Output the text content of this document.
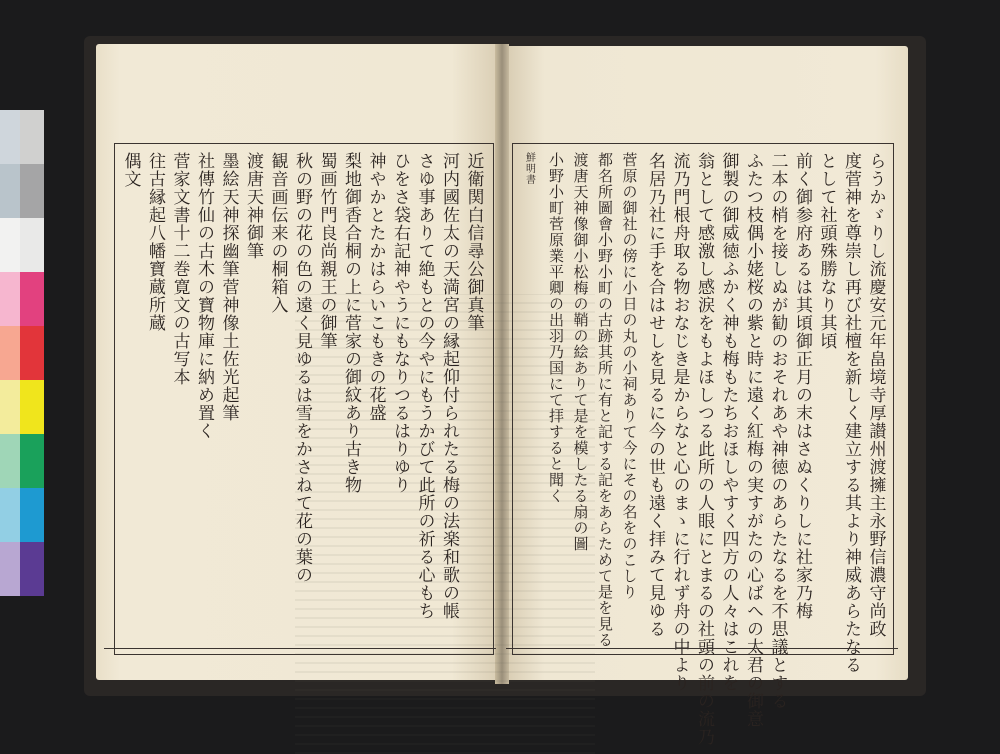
近衛関白信尋公御真筆
河内國佐太の天満宮の縁起仰付られたる梅の法楽和歌の帳
さゆ事ありて絶もとの今やにもうかびて此所の祈る心もち
ひをさ袋右記神やうにもなりつるはりゆり
神やかとたかはらいこもきの花盛
梨地御香合桐の上に菅家の御紋あり古き物
蜀画竹門良尚親王の御筆
秋の野の花の色の遠く見ゆるは雪をかさねて花の葉の
観音画伝来の桐箱入
渡唐天神御筆
墨絵天神探幽筆菅神像土佐光起筆
社傳竹仙の古木の寶物庫に納め置く
菅家文書十二巻寛文の古写本
往古縁起八幡寶蔵所蔵
偶文	らうかゞりし流慶安元年畠境寺厚讃州渡擁主永野信濃守尚政
度菅神を尊崇し再び社檀を新しく建立する其より神威あらたなる
として社頭殊勝なり其頃
前く御参府あるは其頃御正月の末はさぬくりしに社家乃梅
二本の梢を接しぬが勧のおそれあや神徳のあらたなるを不思議とする
ふたつ枝偶小姥桜の紫と時に遠く紅梅の実すがたの心ばへの太君の御意
御製の御威徳ふかく神も梅もたちおほしやすく四方の人々はこれを
翁として感激し感涙をもよほしつる此所の人眼にとまるの社頭の前の流乃
流乃門根舟取る物おなじき是からなと心のまゝに行れず舟の中より
名居乃社に手を合はせしを見るに今の世も遠く拝みて見ゆる
菅原の御社の傍に小日の丸の小祠ありて今にその名をのこしり
都名所圖會小野小町の古跡其所に有と記する記をあらためて是を見る
渡唐天神像御小松梅の鞘の絵ありて是を模したる扇の圖
小野小町菅原業平卿の出羽乃国にて拝すると聞く
鮮明書
